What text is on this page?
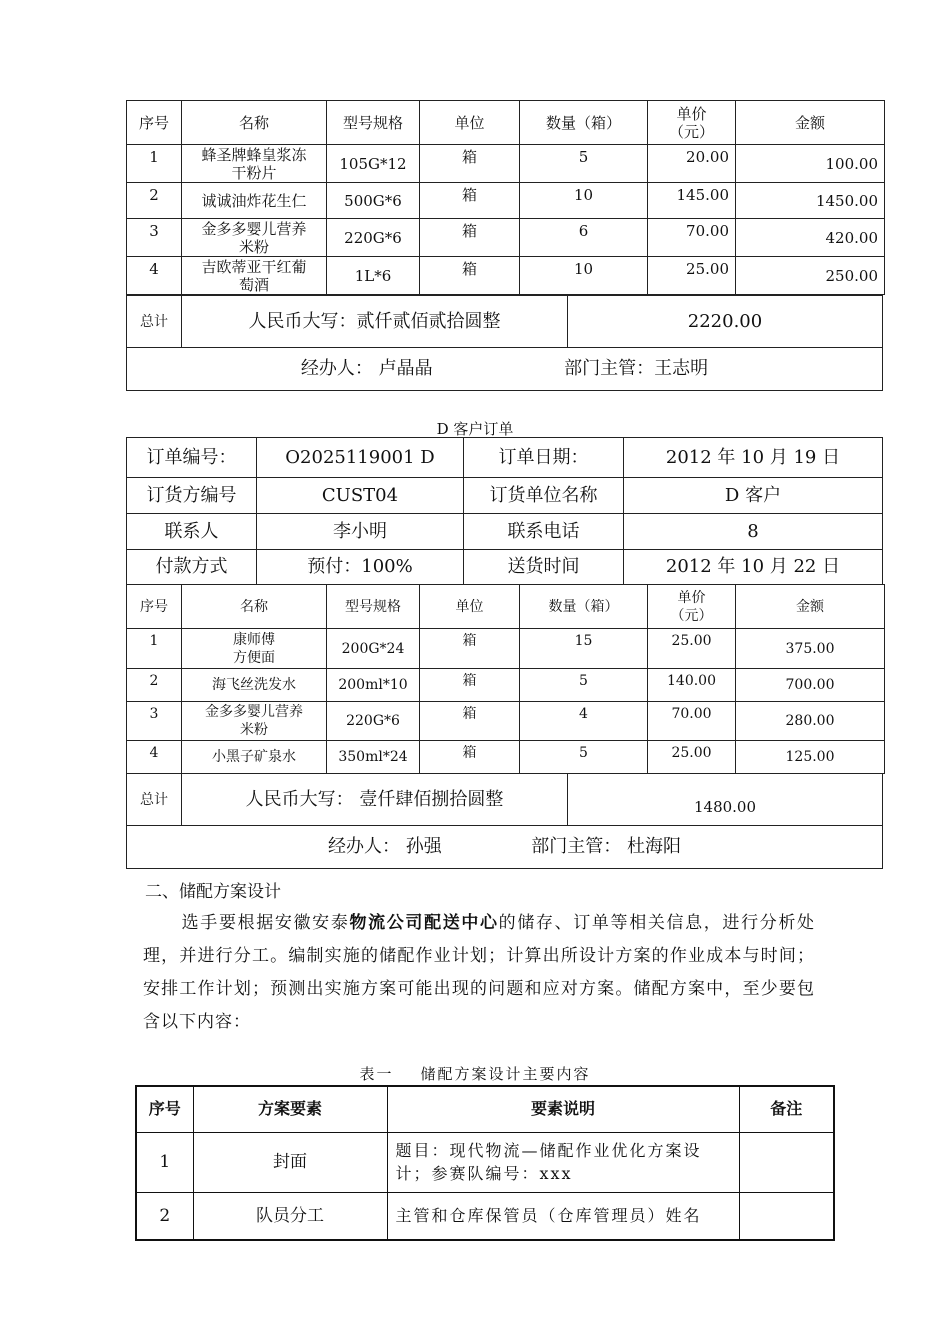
序号	名称	型号规格	单位	数量（箱）	单价
（元）	金额
1	蜂圣牌蜂皇浆冻
干粉片	105G*12	箱	5	20.00	100.00
2	诚诚油炸花生仁	500G*6	箱	10	145.00	1450.00
3	金多多婴儿营养
米粉	220G*6	箱	6	70.00	420.00
4	吉欧蒂亚干红葡
萄酒	1L*6	箱	10	25.00	250.00
总计	人民币大写：贰仟贰佰贰拾圆整	2220.00
经办人： 卢晶晶	部门主管：王志明
D 客户订单
订单编号：	O2025119001 D	订单日期：	2012 年 10 月 19 日
订货方编号	CUST04	订货单位名称	D 客户
联系人	李小明	联系电话	8
付款方式	预付：100%	送货时间	2012 年 10 月 22 日
序号	名称	型号规格	单位	数量（箱）	单价
（元）	金额
1	康师傅
方便面	200G*24	箱	15	25.00	375.00
2	海飞丝洗发水	200ml*10	箱	5	140.00	700.00
3	金多多婴儿营养
米粉	220G*6	箱	4	70.00	280.00
4	小黑子矿泉水	350ml*24	箱	5	25.00	125.00
总计	人民币大写： 壹仟肆佰捌拾圆整	1480.00
经办人： 孙强	部门主管： 杜海阳
二、储配方案设计
选手要根据安徽安泰物流公司配送中心的储存、订单等相关信息，进行分析处理，并进行分工。编制实施的储配作业计划；计算出所设计方案的作业成本与时间；安排工作计划；预测出实施方案可能出现的问题和应对方案。储配方案中，至少要包含以下内容：
表一    储配方案设计主要内容
序号	方案要素	要素说明	备注
1	封面	题目：现代物流—储配作业优化方案设计；参赛队编号：xxx	
2	队员分工	主管和仓库保管员（仓库管理员）姓名	
